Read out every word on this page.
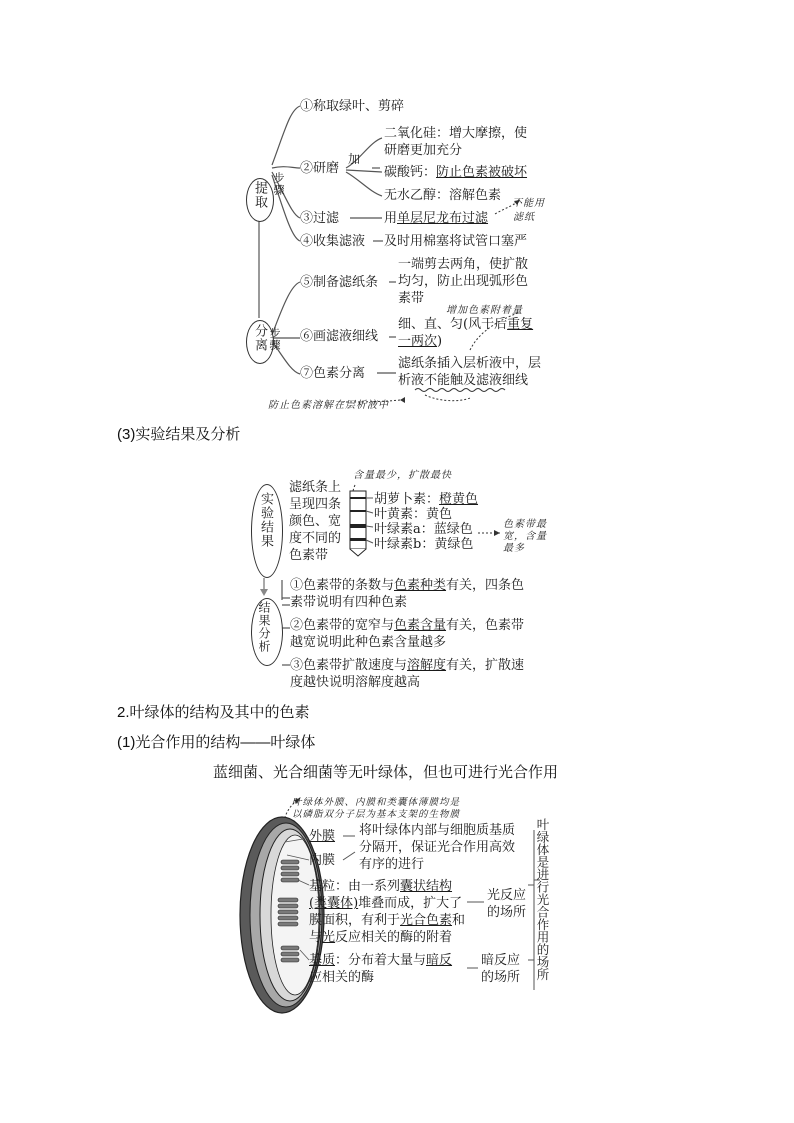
提取 步骤
①称取绿叶、剪碎
②研磨
加
二氧化硅：增大摩擦，使
研磨更加充分
碳酸钙：防止色素被破坏
无水乙醇：溶解色素
不能用
③过滤	用单层尼龙布过滤 滤纸
④收集滤液 及时用棉塞将试管口塞严
分离 步骤
⑤制备滤纸条
一端剪去两角，使扩散
均匀，防止出现弧形色
素带
增加色素附着量
⑥画滤液细线
细、直、匀(风干后重复
一两次)
⑦色素分离
滤纸条插入层析液中，层
析液不能触及滤液细线
防止色素溶解在层析液中
(3)实验结果及分析
实验结果
滤纸条上
呈现四条
颜色、宽
度不同的
色素带
含量最少，扩散最快
胡萝卜素：橙黄色
叶黄素：黄色
叶绿素a：蓝绿色
叶绿素b：黄绿色
色素带最
宽，含量
最多
结果分析
①色素带的条数与色素种类有关，四条色
素带说明有四种色素
②色素带的宽窄与色素含量有关，色素带
越宽说明此种色素含量越多
③色素带扩散速度与溶解度有关，扩散速
度越快说明溶解度越高
2.叶绿体的结构及其中的色素
(1)光合作用的结构——叶绿体
蓝细菌、光合细菌等无叶绿体，但也可进行光合作用
叶绿体外膜、内膜和类囊体薄膜均是
以磷脂双分子层为基本支架的生物膜
外膜
内膜
将叶绿体内部与细胞质基质
分隔开，保证光合作用高效
有序的进行
基粒：由一系列囊状结构
(类囊体)堆叠而成，扩大了
膜面积，有利于光合色素和
与光反应相关的酶的附着
光反应
的场所
基质：分布着大量与暗反
应相关的酶
暗反应
的场所 叶绿体是进行光合作用的场所
